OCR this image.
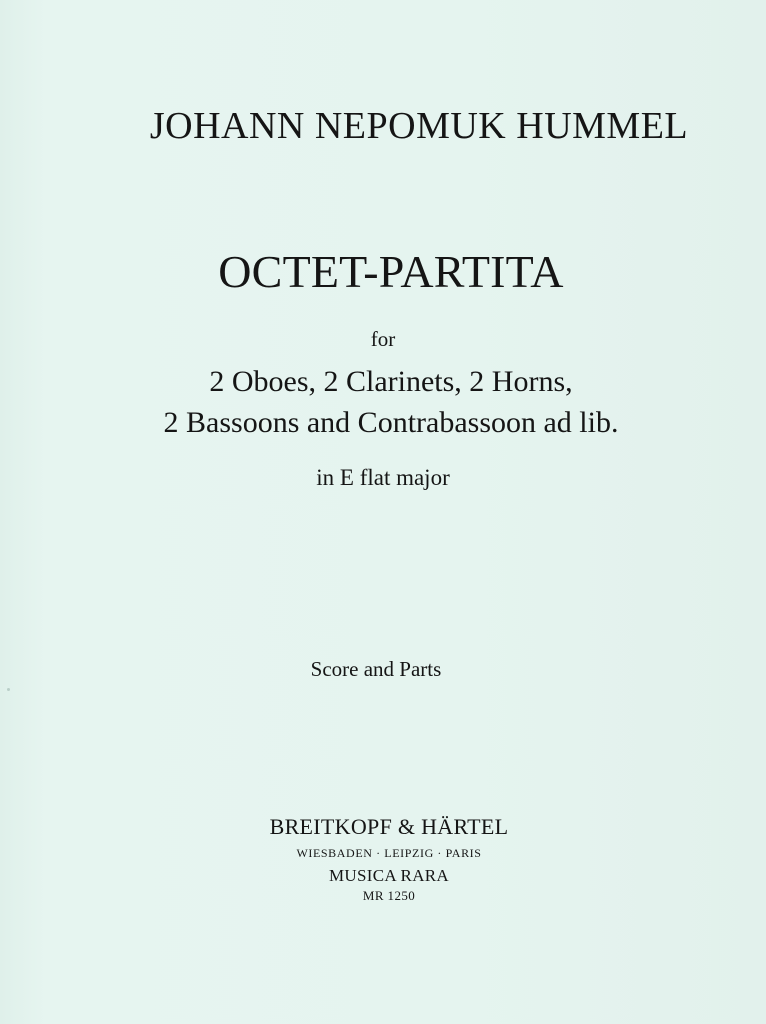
JOHANN NEPOMUK HUMMEL
OCTET-PARTITA
for
2 Oboes, 2 Clarinets, 2 Horns,
2 Bassoons and Contrabassoon ad lib.
in E flat major
Score and Parts
BREITKOPF & HÄRTEL
WIESBADEN · LEIPZIG · PARIS
MUSICA RARA
MR 1250
